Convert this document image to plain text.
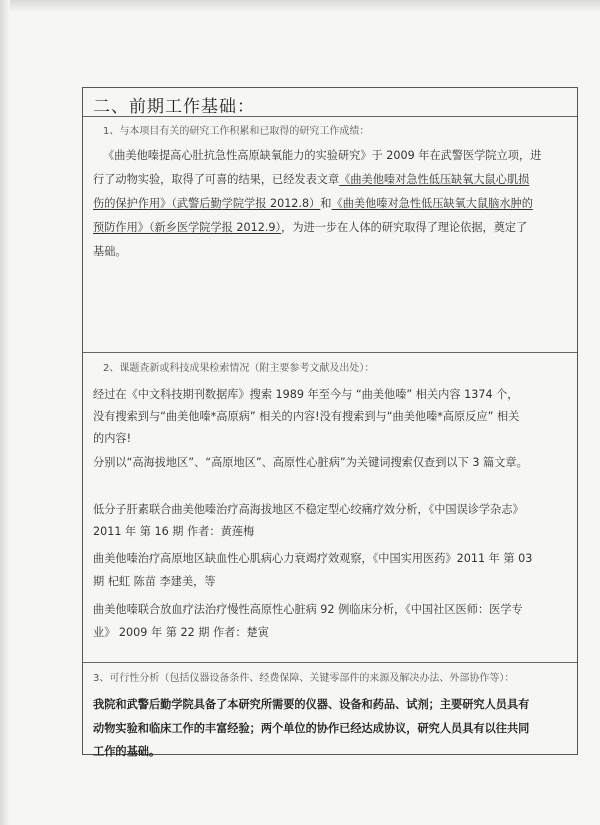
二、前期工作基础：
1、与本项目有关的研究工作积累和已取得的研究工作成绩：
《曲美他嗪提高心肚抗急性高原缺氧能力的实验研究》于 2009 年在武警医学院立项，进
行了动物实验，取得了可喜的结果，已经发表文章《曲美他嗪对急性低压缺氧大鼠心肌损
伤的保护作用》（武警后勤学院学报 2012.8）和《曲美他嗪对急性低压缺氧大鼠脑水肿的
预防作用》（新乡医学院学报 2012.9），为进一步在人体的研究取得了理论依据，奠定了
基础。
2、课题查新或科技成果检索情况（附主要参考文献及出处）：
经过在《中文科技期刊数据库》搜索 1989 年至今与 “曲美他嗪” 相关内容 1374 个，
没有搜索到与“曲美他嗪*高原病” 相关的内容!没有搜索到与“曲美他嗪*高原反应” 相关
的内容!
分别以“高海拔地区”、“高原地区”、高原性心脏病”为关键词搜索仅查到以下 3 篇文章。
低分子肝素联合曲美他嗪治疗高海拔地区不稳定型心绞痛疗效分析，《中国误诊学杂志》
2011 年 第 16 期 作者：黄莲梅
曲美他嗪治疗高原地区缺血性心肌病心力衰竭疗效观察，《中国实用医药》2011 年 第 03
期 杞虹 陈苗 李建美，等
曲美他嗪联合放血疗法治疗慢性高原性心脏病 92 例临床分析，《中国社区医师：医学专
业》 2009 年 第 22 期 作者：楚寅
3、可行性分析（包括仪器设备条件、经费保障、关键零部件的来源及解决办法、外部协作等）：
我院和武警后勤学院具备了本研究所需要的仪器、设备和药品、试剂；主要研究人员具有
动物实验和临床工作的丰富经验；两个单位的协作已经达成协议，研究人员具有以往共同
工作的基础。
